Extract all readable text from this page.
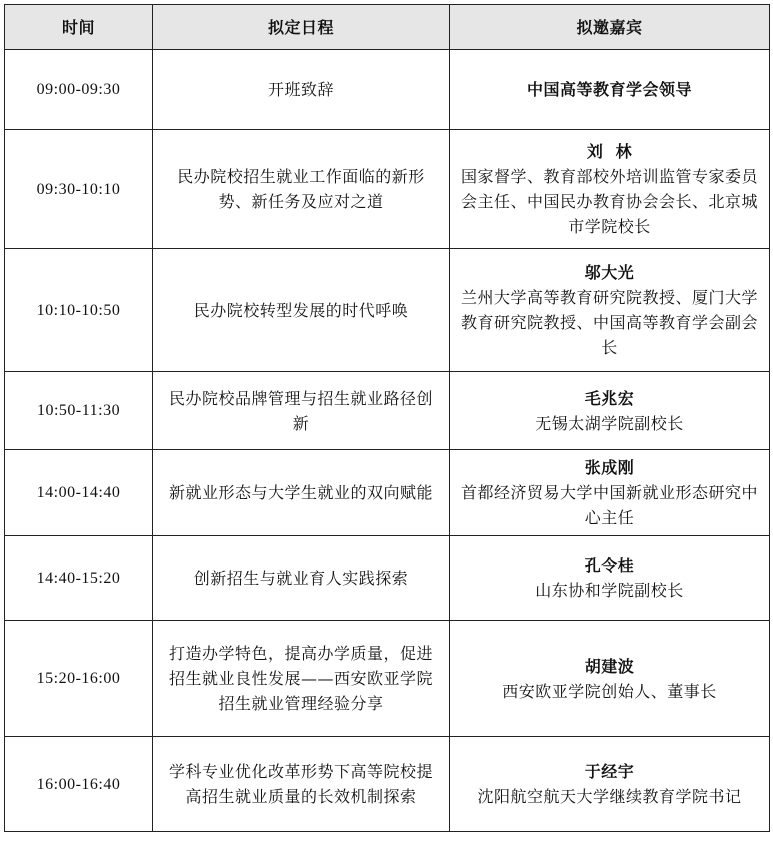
时间	拟定日程	拟邀嘉宾
09:00-09:30	开班致辞	中国高等教育学会领导

09:30-10:10	民办院校招生就业工作面临的新形势、新任务及应对之道	刘  林
国家督学、教育部校外培训监管专家委员会主任、中国民办教育协会会长、北京城市学院校长

10:10-10:50	民办院校转型发展的时代呼唤	邬大光
兰州大学高等教育研究院教授、厦门大学教育研究院教授、中国高等教育学会副会长

10:50-11:30	民办院校品牌管理与招生就业路径创新	毛兆宏
无锡太湖学院副校长

14:00-14:40	新就业形态与大学生就业的双向赋能	张成刚
首都经济贸易大学中国新就业形态研究中心主任

14:40-15:20	创新招生与就业育人实践探索	孔令桂
山东协和学院副校长

15:20-16:00	打造办学特色，提高办学质量，促进招生就业良性发展——西安欧亚学院招生就业管理经验分享	胡建波
西安欧亚学院创始人、董事长

16:00-16:40	学科专业优化改革形势下高等院校提高招生就业质量的长效机制探索	于经宇
沈阳航空航天大学继续教育学院书记
